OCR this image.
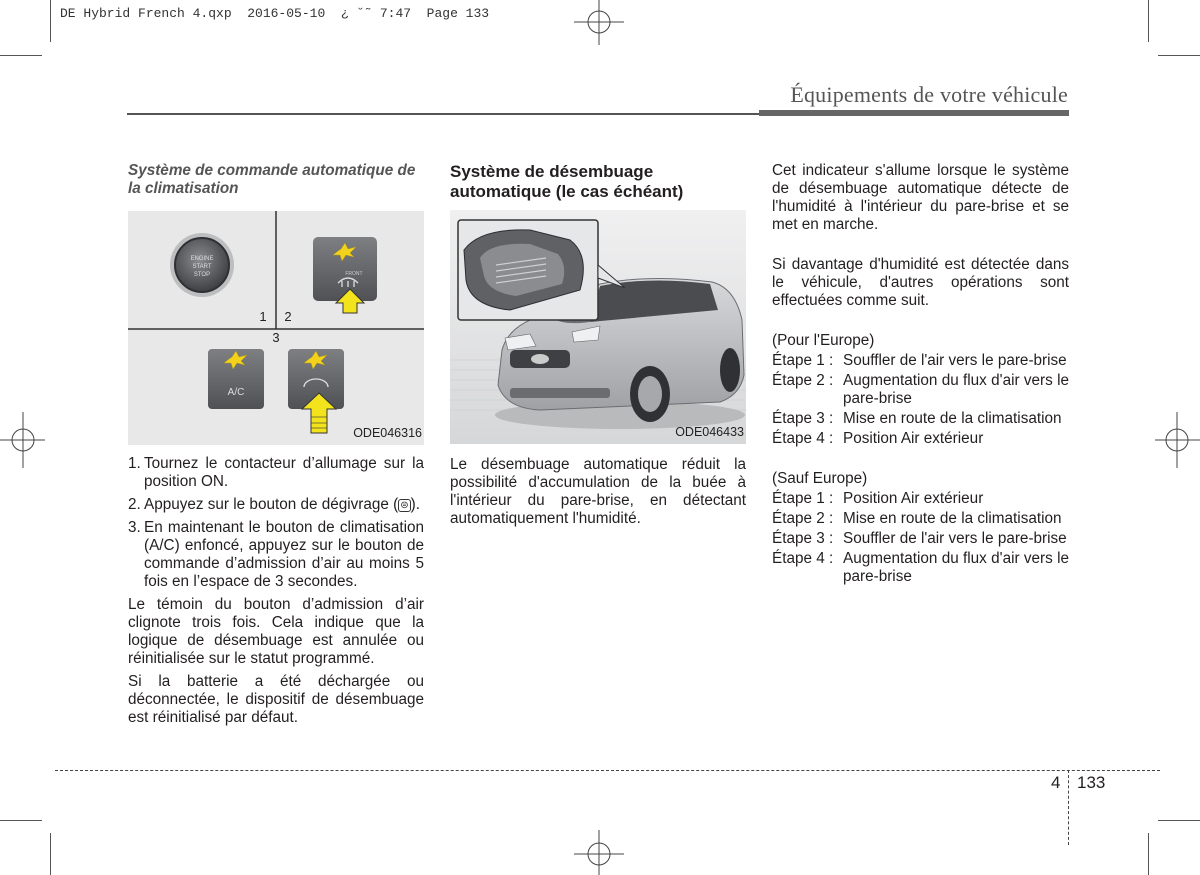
DE Hybrid French 4.qxp  2016-05-10  ¿ ˘˜ 7:47  Page 133
Équipements de votre véhicule

Système de commande automatique de la climatisation

ENGINE
START
STOP	FRONT
1 2
3
A/C
ODE046316
1. Tournez le contacteur d’allumage sur la position ON.
2. Appuyez sur le bouton de dégivrage ( ⊜ ).
3. En maintenant le bouton de climatisation (A/C) enfoncé, appuyez sur le bouton de commande d’admission d’air au moins 5 fois en l’espace de 3 secondes.

Le témoin du bouton d’admission d’air clignote trois fois. Cela indique que la logique de désembuage est annulée ou réinitialisée sur le statut programmé.

Si la batterie a été déchargée ou déconnectée, le dispositif de désembuage est réinitialisé par défaut.

Système de désembuage automatique (le cas échéant)

ODE046433

Le désembuage automatique réduit la possibilité d'accumulation de la buée à l'intérieur du pare-brise, en détectant automatiquement l'humidité.

Cet indicateur s'allume lorsque le système de désembuage automatique détecte de l'humidité à l'intérieur du pare-brise et se met en marche.

Si davantage d'humidité est détectée dans le véhicule, d'autres opérations sont effectuées comme suit.

(Pour l'Europe)
Étape 1 : Souffler de l'air vers le pare-brise
Étape 2 : Augmentation du flux d'air vers le pare-brise
Étape 3 : Mise en route de la climatisation
Étape 4 : Position Air extérieur
(Sauf Europe)
Étape 1 : Position Air extérieur
Étape 2 : Mise en route de la climatisation
Étape 3 : Souffler de l'air vers le pare-brise
Étape 4 : Augmentation du flux d'air vers le pare-brise
4 133
